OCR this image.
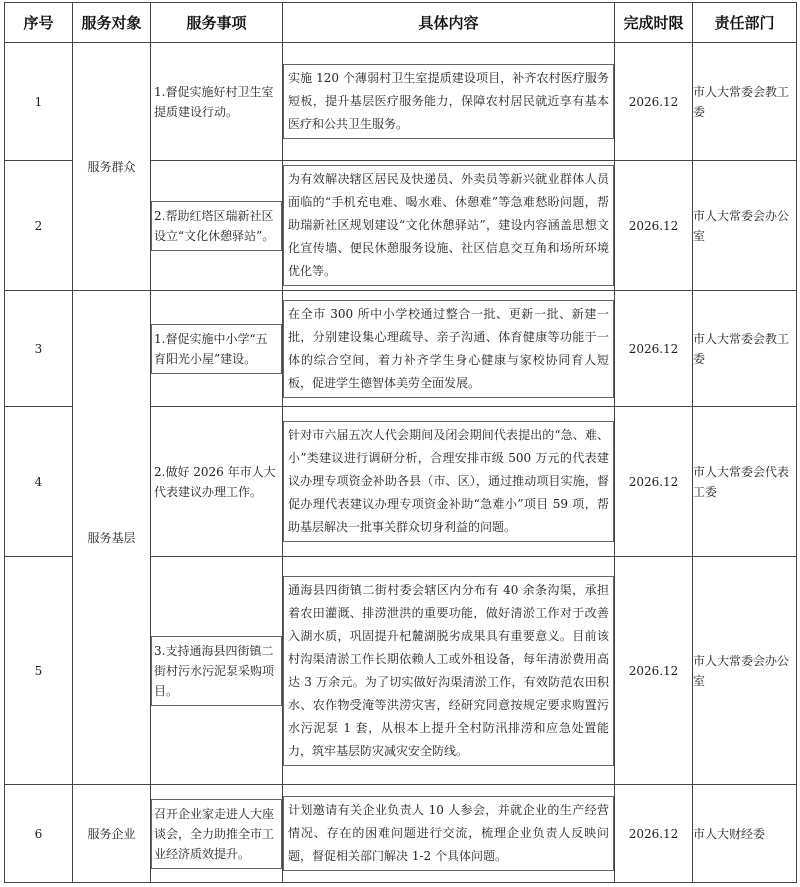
序号	服务对象	服务事项	具体内容	完成时限	责任部门
1	服务群众	1.督促实施好村卫生室提质建设行动。	实施 120 个薄弱村卫生室提质建设项目，补齐农村医疗服务短板，提升基层医疗服务能力，保障农村居民就近享有基本医疗和公共卫生服务。	2026.12	市人大常委会教工委
2		2.帮助红塔区瑞新社区设立“文化休憩驿站”。	为有效解决辖区居民及快递员、外卖员等新兴就业群体人员面临的“手机充电难、喝水难、休憩难”等急难愁盼问题，帮助瑞新社区规划建设“文化休憩驿站”，建设内容涵盖思想文化宣传墙、便民休憩服务设施、社区信息交互角和场所环境优化等。	2026.12	市人大常委会办公室
3	服务基层	1.督促实施中小学“五育阳光小屋”建设。	在全市 300 所中小学校通过整合一批、更新一批、新建一批，分别建设集心理疏导、亲子沟通、体育健康等功能于一体的综合空间，着力补齐学生身心健康与家校协同育人短板，促进学生德智体美劳全面发展。	2026.12	市人大常委会教工委
4		2.做好 2026 年市人大代表建议办理工作。	针对市六届五次人代会期间及闭会期间代表提出的“急、难、小”类建议进行调研分析，合理安排市级 500 万元的代表建议办理专项资金补助各县（市、区），通过推动项目实施，督促办理代表建议办理专项资金补助“急难小”项目 59 项，帮助基层解决一批事关群众切身利益的问题。	2026.12	市人大常委会代表工委
5		3.支持通海县四街镇二街村污水污泥泵采购项目。	通海县四街镇二街村委会辖区内分布有 40 余条沟渠，承担着农田灌溉、排涝泄洪的重要功能，做好清淤工作对于改善入湖水质，巩固提升杞麓湖脱劣成果具有重要意义。目前该村沟渠清淤工作长期依赖人工或外租设备，每年清淤费用高达 3 万余元。为了切实做好沟渠清淤工作，有效防范农田积水、农作物受淹等洪涝灾害，经研究同意按规定要求购置污水污泥泵 1 套，从根本上提升全村防汛排涝和应急处置能力，筑牢基层防灾减灾安全防线。	2026.12	市人大常委会办公室
6	服务企业	召开企业家走进人大座谈会，全力助推全市工业经济质效提升。	计划邀请有关企业负责人 10 人参会，并就企业的生产经营情况、存在的困难问题进行交流，梳理企业负责人反映问题，督促相关部门解决 1-2 个具体问题。	2026.12	市人大财经委
